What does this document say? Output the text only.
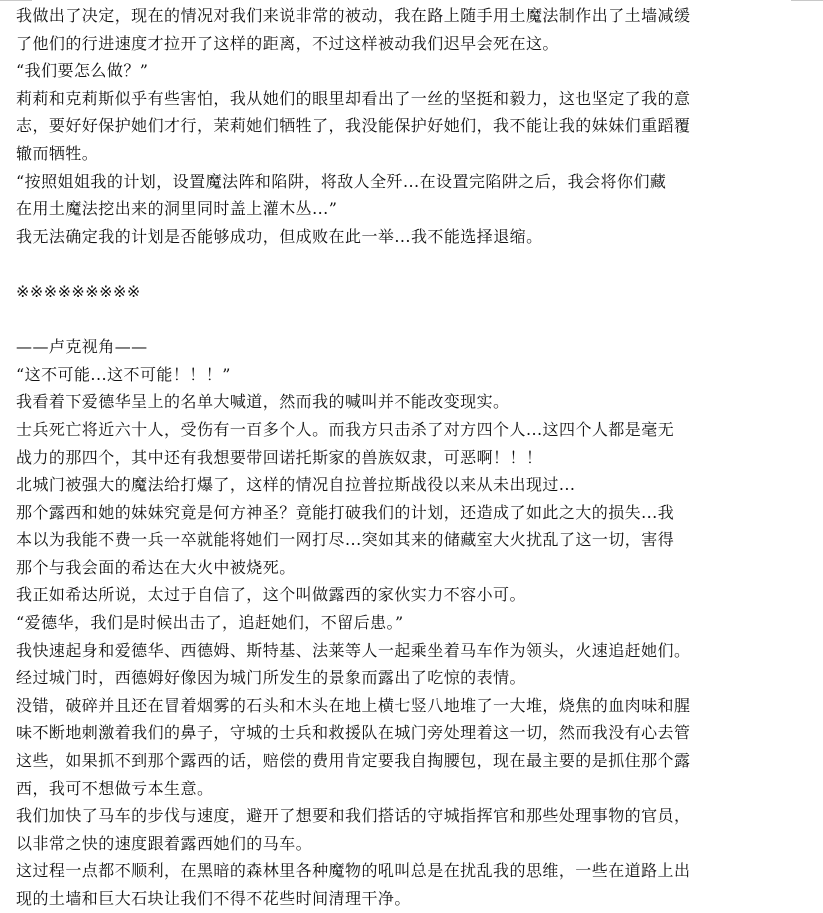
我做出了决定，现在的情况对我们来说非常的被动，我在路上随手用土魔法制作出了土墙减缓
了他们的行进速度才拉开了这样的距离，不过这样被动我们迟早会死在这。
“我们要怎么做？”
莉莉和克莉斯似乎有些害怕，我从她们的眼里却看出了一丝的坚挺和毅力，这也坚定了我的意
志，要好好保护她们才行，茉莉她们牺牲了，我没能保护好她们，我不能让我的妹妹们重蹈覆
辙而牺牲。
“按照姐姐我的计划，设置魔法阵和陷阱，将敌人全歼...在设置完陷阱之后，我会将你们藏
在用土魔法挖出来的洞里同时盖上灌木丛...”
我无法确定我的计划是否能够成功，但成败在此一举...我不能选择退缩。
※※※※※※※※※
——卢克视角——
“这不可能...这不可能！！！”
我看着下爱德华呈上的名单大喊道，然而我的喊叫并不能改变现实。
士兵死亡将近六十人，受伤有一百多个人。而我方只击杀了对方四个人...这四个人都是毫无
战力的那四个，其中还有我想要带回诺托斯家的兽族奴隶，可恶啊！！！
北城门被强大的魔法给打爆了，这样的情况自拉普拉斯战役以来从未出现过...
那个露西和她的妹妹究竟是何方神圣？竟能打破我们的计划，还造成了如此之大的损失...我
本以为我能不费一兵一卒就能将她们一网打尽...突如其来的储藏室大火扰乱了这一切，害得
那个与我会面的希达在大火中被烧死。
我正如希达所说，太过于自信了，这个叫做露西的家伙实力不容小可。
“爱德华，我们是时候出击了，追赶她们，不留后患。”
我快速起身和爱德华、西德姆、斯特基、法莱等人一起乘坐着马车作为领头，火速追赶她们。
经过城门时，西德姆好像因为城门所发生的景象而露出了吃惊的表情。
没错，破碎并且还在冒着烟雾的石头和木头在地上横七竖八地堆了一大堆，烧焦的血肉味和腥
味不断地刺激着我们的鼻子，守城的士兵和救援队在城门旁处理着这一切，然而我没有心去管
这些，如果抓不到那个露西的话，赔偿的费用肯定要我自掏腰包，现在最主要的是抓住那个露
西，我可不想做亏本生意。
我们加快了马车的步伐与速度，避开了想要和我们搭话的守城指挥官和那些处理事物的官员，
以非常之快的速度跟着露西她们的马车。
这过程一点都不顺利，在黑暗的森林里各种魔物的吼叫总是在扰乱我的思维，一些在道路上出
现的土墙和巨大石块让我们不得不花些时间清理干净。
